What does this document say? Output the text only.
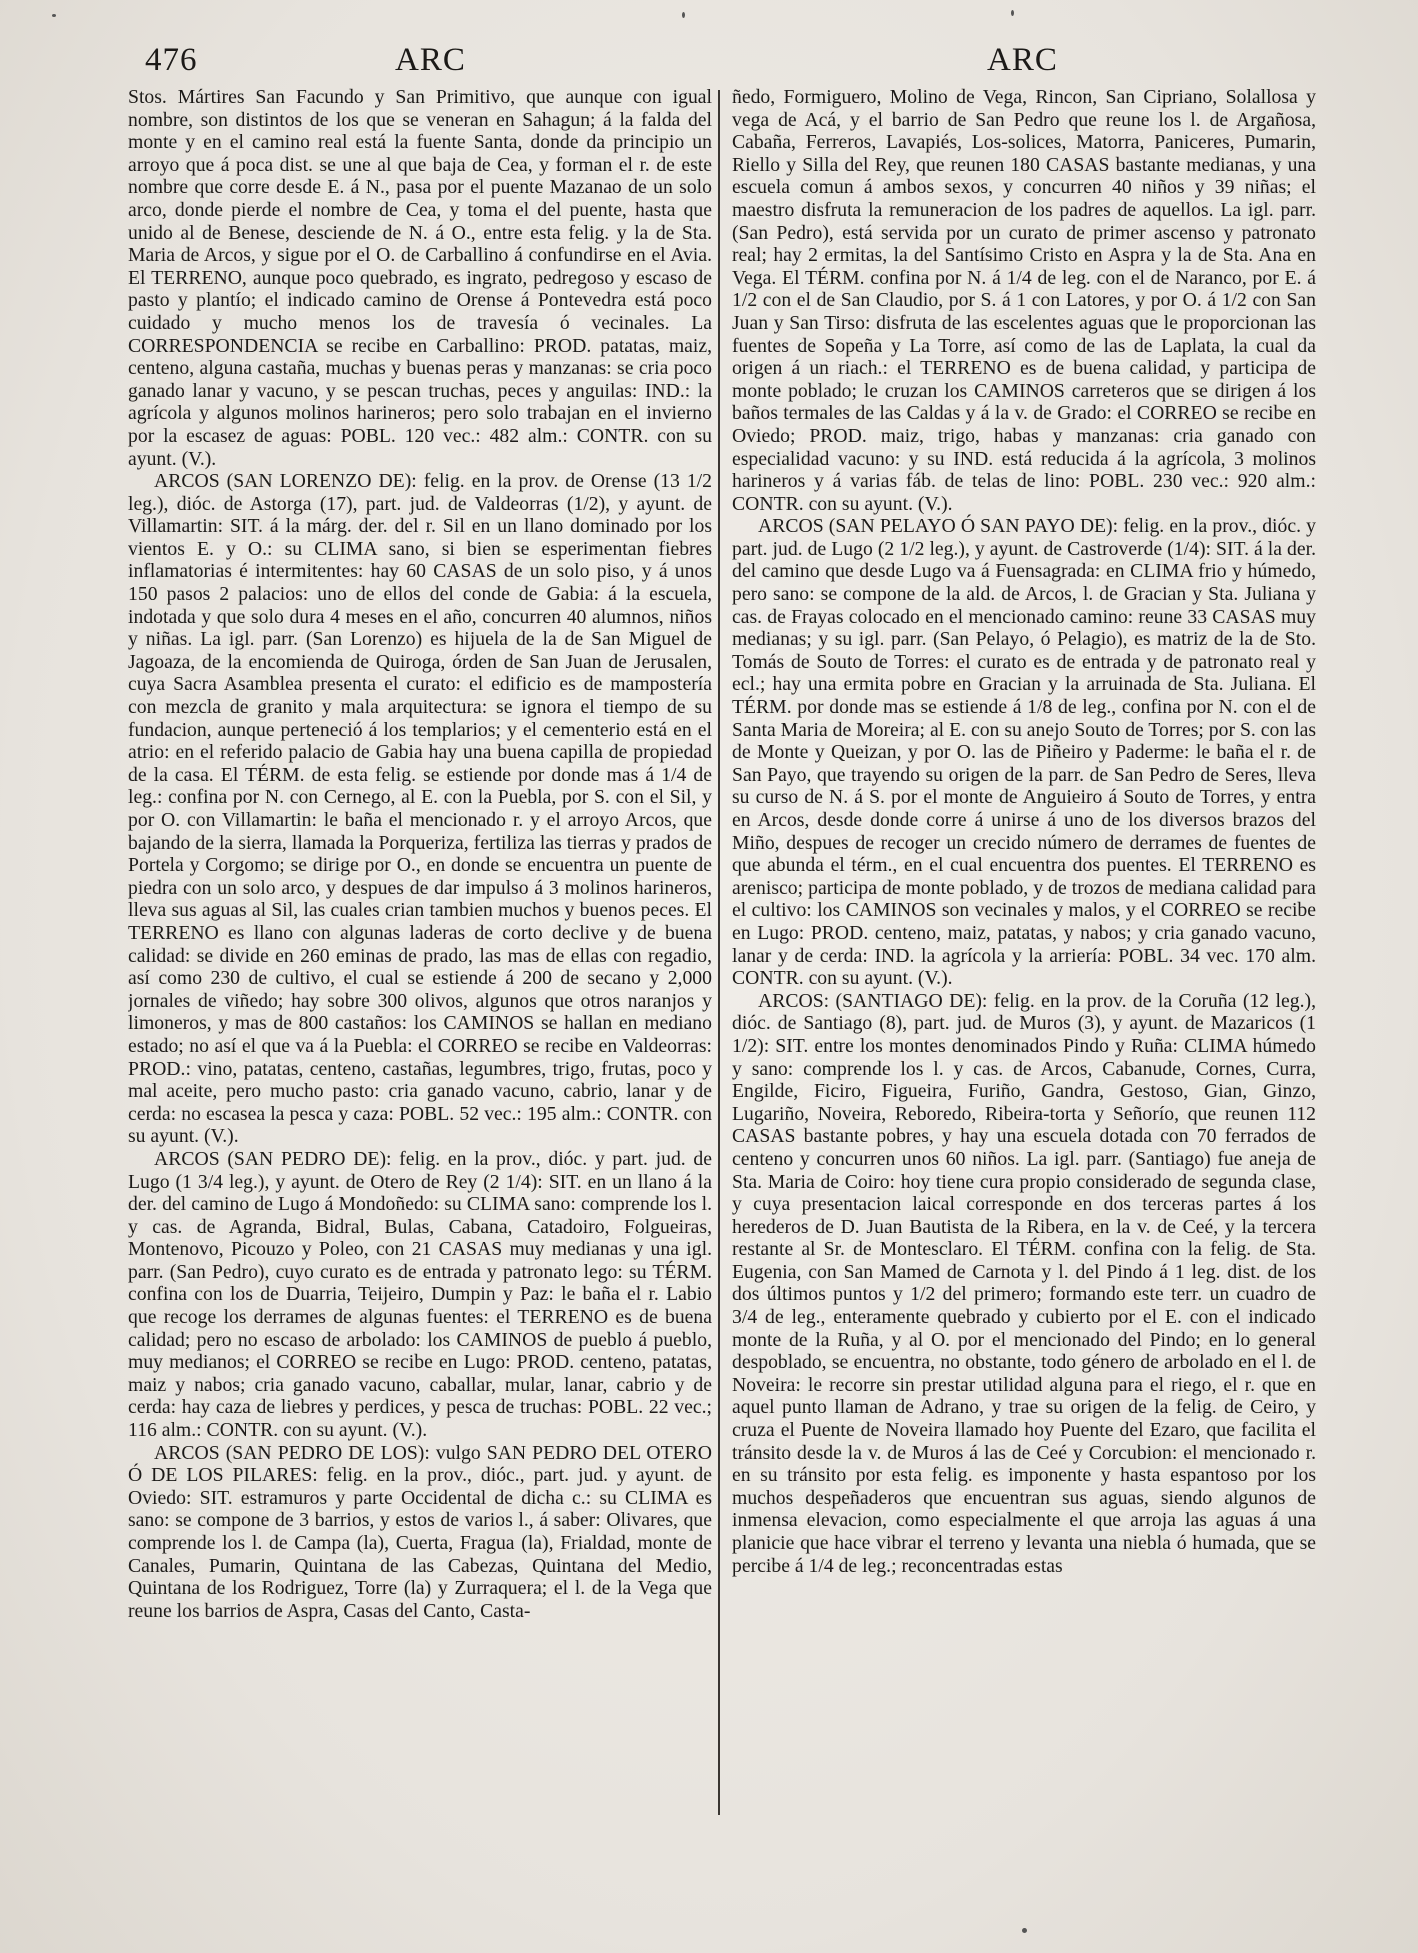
476	ARC	ARC

Stos. Mártires San Facundo y San Primitivo, que aunque con igual nombre, son distintos de los que se veneran en Sahagun; á la falda del monte y en el camino real está la fuente Santa, donde da principio un arroyo que á poca dist. se une al que baja de Cea, y forman el r. de este nombre que corre desde E. á N., pasa por el puente Mazanao de un solo arco, donde pierde el nombre de Cea, y toma el del puente, hasta que unido al de Benese, desciende de N. á O., entre esta felig. y la de Sta. Maria de Arcos, y sigue por el O. de Carballino á confundirse en el Avia. El TERRENO, aunque poco quebrado, es ingrato, pedregoso y escaso de pasto y plantío; el indicado camino de Orense á Pontevedra está poco cuidado y mucho menos los de travesía ó vecinales. La CORRESPONDENCIA se recibe en Carballino: PROD. patatas, maiz, centeno, alguna castaña, muchas y buenas peras y manzanas: se cria poco ganado lanar y vacuno, y se pescan truchas, peces y anguilas: IND.: la agrícola y algunos molinos harineros; pero solo trabajan en el invierno por la escasez de aguas: POBL. 120 vec.: 482 alm.: CONTR. con su ayunt. (V.).

ARCOS (SAN LORENZO DE): felig. en la prov. de Orense (13 1/2 leg.), dióc. de Astorga (17), part. jud. de Valdeorras (1/2), y ayunt. de Villamartin: SIT. á la márg. der. del r. Sil en un llano dominado por los vientos E. y O.: su CLIMA sano, si bien se esperimentan fiebres inflamatorias é intermitentes: hay 60 CASAS de un solo piso, y á unos 150 pasos 2 palacios: uno de ellos del conde de Gabia: á la escuela, indotada y que solo dura 4 meses en el año, concurren 40 alumnos, niños y niñas. La igl. parr. (San Lorenzo) es hijuela de la de San Miguel de Jagoaza, de la encomienda de Quiroga, órden de San Juan de Jerusalen, cuya Sacra Asamblea presenta el curato: el edificio es de mampostería con mezcla de granito y mala arquitectura: se ignora el tiempo de su fundacion, aunque perteneció á los templarios; y el cementerio está en el atrio: en el referido palacio de Gabia hay una buena capilla de propiedad de la casa. El TÉRM. de esta felig. se estiende por donde mas á 1/4 de leg.: confina por N. con Cernego, al E. con la Puebla, por S. con el Sil, y por O. con Villamartin: le baña el mencionado r. y el arroyo Arcos, que bajando de la sierra, llamada la Porqueriza, fertiliza las tierras y prados de Portela y Corgomo; se dirige por O., en donde se encuentra un puente de piedra con un solo arco, y despues de dar impulso á 3 molinos harineros, lleva sus aguas al Sil, las cuales crian tambien muchos y buenos peces. El TERRENO es llano con algunas laderas de corto declive y de buena calidad: se divide en 260 eminas de prado, las mas de ellas con regadio, así como 230 de cultivo, el cual se estiende á 200 de secano y 2,000 jornales de viñedo; hay sobre 300 olivos, algunos que otros naranjos y limoneros, y mas de 800 castaños: los CAMINOS se hallan en mediano estado; no así el que va á la Puebla: el CORREO se recibe en Valdeorras: PROD.: vino, patatas, centeno, castañas, legumbres, trigo, frutas, poco y mal aceite, pero mucho pasto: cria ganado vacuno, cabrio, lanar y de cerda: no escasea la pesca y caza: POBL. 52 vec.: 195 alm.: CONTR. con su ayunt. (V.).

ARCOS (SAN PEDRO DE): felig. en la prov., dióc. y part. jud. de Lugo (1 3/4 leg.), y ayunt. de Otero de Rey (2 1/4): SIT. en un llano á la der. del camino de Lugo á Mondoñedo: su CLIMA sano: comprende los l. y cas. de Agranda, Bidral, Bulas, Cabana, Catadoiro, Folgueiras, Montenovo, Picouzo y Poleo, con 21 CASAS muy medianas y una igl. parr. (San Pedro), cuyo curato es de entrada y patronato lego: su TÉRM. confina con los de Duarria, Teijeiro, Dumpin y Paz: le baña el r. Labio que recoge los derrames de algunas fuentes: el TERRENO es de buena calidad; pero no escaso de arbolado: los CAMINOS de pueblo á pueblo, muy medianos; el CORREO se recibe en Lugo: PROD. centeno, patatas, maiz y nabos; cria ganado vacuno, caballar, mular, lanar, cabrio y de cerda: hay caza de liebres y perdices, y pesca de truchas: POBL. 22 vec.; 116 alm.: CONTR. con su ayunt. (V.).

ARCOS (SAN PEDRO DE LOS): vulgo SAN PEDRO DEL OTERO Ó DE LOS PILARES: felig. en la prov., dióc., part. jud. y ayunt. de Oviedo: SIT. estramuros y parte Occidental de dicha c.: su CLIMA es sano: se compone de 3 barrios, y estos de varios l., á saber: Olivares, que comprende los l. de Campa (la), Cuerta, Fragua (la), Frialdad, monte de Canales, Pumarin, Quintana de las Cabezas, Quintana del Medio, Quintana de los Rodriguez, Torre (la) y Zurraquera; el l. de la Vega que reune los barrios de Aspra, Casas del Canto, Casta-

ñedo, Formiguero, Molino de Vega, Rincon, San Cipriano, Solallosa y vega de Acá, y el barrio de San Pedro que reune los l. de Argañosa, Cabaña, Ferreros, Lavapiés, Los-solices, Matorra, Paniceres, Pumarin, Riello y Silla del Rey, que reunen 180 CASAS bastante medianas, y una escuela comun á ambos sexos, y concurren 40 niños y 39 niñas; el maestro disfruta la remuneracion de los padres de aquellos. La igl. parr. (San Pedro), está servida por un curato de primer ascenso y patronato real; hay 2 ermitas, la del Santísimo Cristo en Aspra y la de Sta. Ana en Vega. El TÉRM. confina por N. á 1/4 de leg. con el de Naranco, por E. á 1/2 con el de San Claudio, por S. á 1 con Latores, y por O. á 1/2 con San Juan y San Tirso: disfruta de las escelentes aguas que le proporcionan las fuentes de Sopeña y La Torre, así como de las de Laplata, la cual da origen á un riach.: el TERRENO es de buena calidad, y participa de monte poblado; le cruzan los CAMINOS carreteros que se dirigen á los baños termales de las Caldas y á la v. de Grado: el CORREO se recibe en Oviedo; PROD. maiz, trigo, habas y manzanas: cria ganado con especialidad vacuno: y su IND. está reducida á la agrícola, 3 molinos harineros y á varias fáb. de telas de lino: POBL. 230 vec.: 920 alm.: CONTR. con su ayunt. (V.).

ARCOS (SAN PELAYO Ó SAN PAYO DE): felig. en la prov., dióc. y part. jud. de Lugo (2 1/2 leg.), y ayunt. de Castroverde (1/4): SIT. á la der. del camino que desde Lugo va á Fuensagrada: en CLIMA frio y húmedo, pero sano: se compone de la ald. de Arcos, l. de Gracian y Sta. Juliana y cas. de Frayas colocado en el mencionado camino: reune 33 CASAS muy medianas; y su igl. parr. (San Pelayo, ó Pelagio), es matriz de la de Sto. Tomás de Souto de Torres: el curato es de entrada y de patronato real y ecl.; hay una ermita pobre en Gracian y la arruinada de Sta. Juliana. El TÉRM. por donde mas se estiende á 1/8 de leg., confina por N. con el de Santa Maria de Moreira; al E. con su anejo Souto de Torres; por S. con las de Monte y Queizan, y por O. las de Piñeiro y Paderme: le baña el r. de San Payo, que trayendo su origen de la parr. de San Pedro de Seres, lleva su curso de N. á S. por el monte de Anguieiro á Souto de Torres, y entra en Arcos, desde donde corre á unirse á uno de los diversos brazos del Miño, despues de recoger un crecido número de derrames de fuentes de que abunda el térm., en el cual encuentra dos puentes. El TERRENO es arenisco; participa de monte poblado, y de trozos de mediana calidad para el cultivo: los CAMINOS son vecinales y malos, y el CORREO se recibe en Lugo: PROD. centeno, maiz, patatas, y nabos; y cria ganado vacuno, lanar y de cerda: IND. la agrícola y la arriería: POBL. 34 vec. 170 alm. CONTR. con su ayunt. (V.).

ARCOS: (SANTIAGO DE): felig. en la prov. de la Coruña (12 leg.), dióc. de Santiago (8), part. jud. de Muros (3), y ayunt. de Mazaricos (1 1/2): SIT. entre los montes denominados Pindo y Ruña: CLIMA húmedo y sano: comprende los l. y cas. de Arcos, Cabanude, Cornes, Curra, Engilde, Ficiro, Figueira, Furiño, Gandra, Gestoso, Gian, Ginzo, Lugariño, Noveira, Reboredo, Ribeira-torta y Señorío, que reunen 112 CASAS bastante pobres, y hay una escuela dotada con 70 ferrados de centeno y concurren unos 60 niños. La igl. parr. (Santiago) fue aneja de Sta. Maria de Coiro: hoy tiene cura propio considerado de segunda clase, y cuya presentacion laical corresponde en dos terceras partes á los herederos de D. Juan Bautista de la Ribera, en la v. de Ceé, y la tercera restante al Sr. de Montesclaro. El TÉRM. confina con la felig. de Sta. Eugenia, con San Mamed de Carnota y l. del Pindo á 1 leg. dist. de los dos últimos puntos y 1/2 del primero; formando este terr. un cuadro de 3/4 de leg., enteramente quebrado y cubierto por el E. con el indicado monte de la Ruña, y al O. por el mencionado del Pindo; en lo general despoblado, se encuentra, no obstante, todo género de arbolado en el l. de Noveira: le recorre sin prestar utilidad alguna para el riego, el r. que en aquel punto llaman de Adrano, y trae su origen de la felig. de Ceiro, y cruza el Puente de Noveira llamado hoy Puente del Ezaro, que facilita el tránsito desde la v. de Muros á las de Ceé y Corcubion: el mencionado r. en su tránsito por esta felig. es imponente y hasta espantoso por los muchos despeñaderos que encuentran sus aguas, siendo algunos de inmensa elevacion, como especialmente el que arroja las aguas á una planicie que hace vibrar el terreno y levanta una niebla ó humada, que se percibe á 1/4 de leg.; reconcentradas estas
